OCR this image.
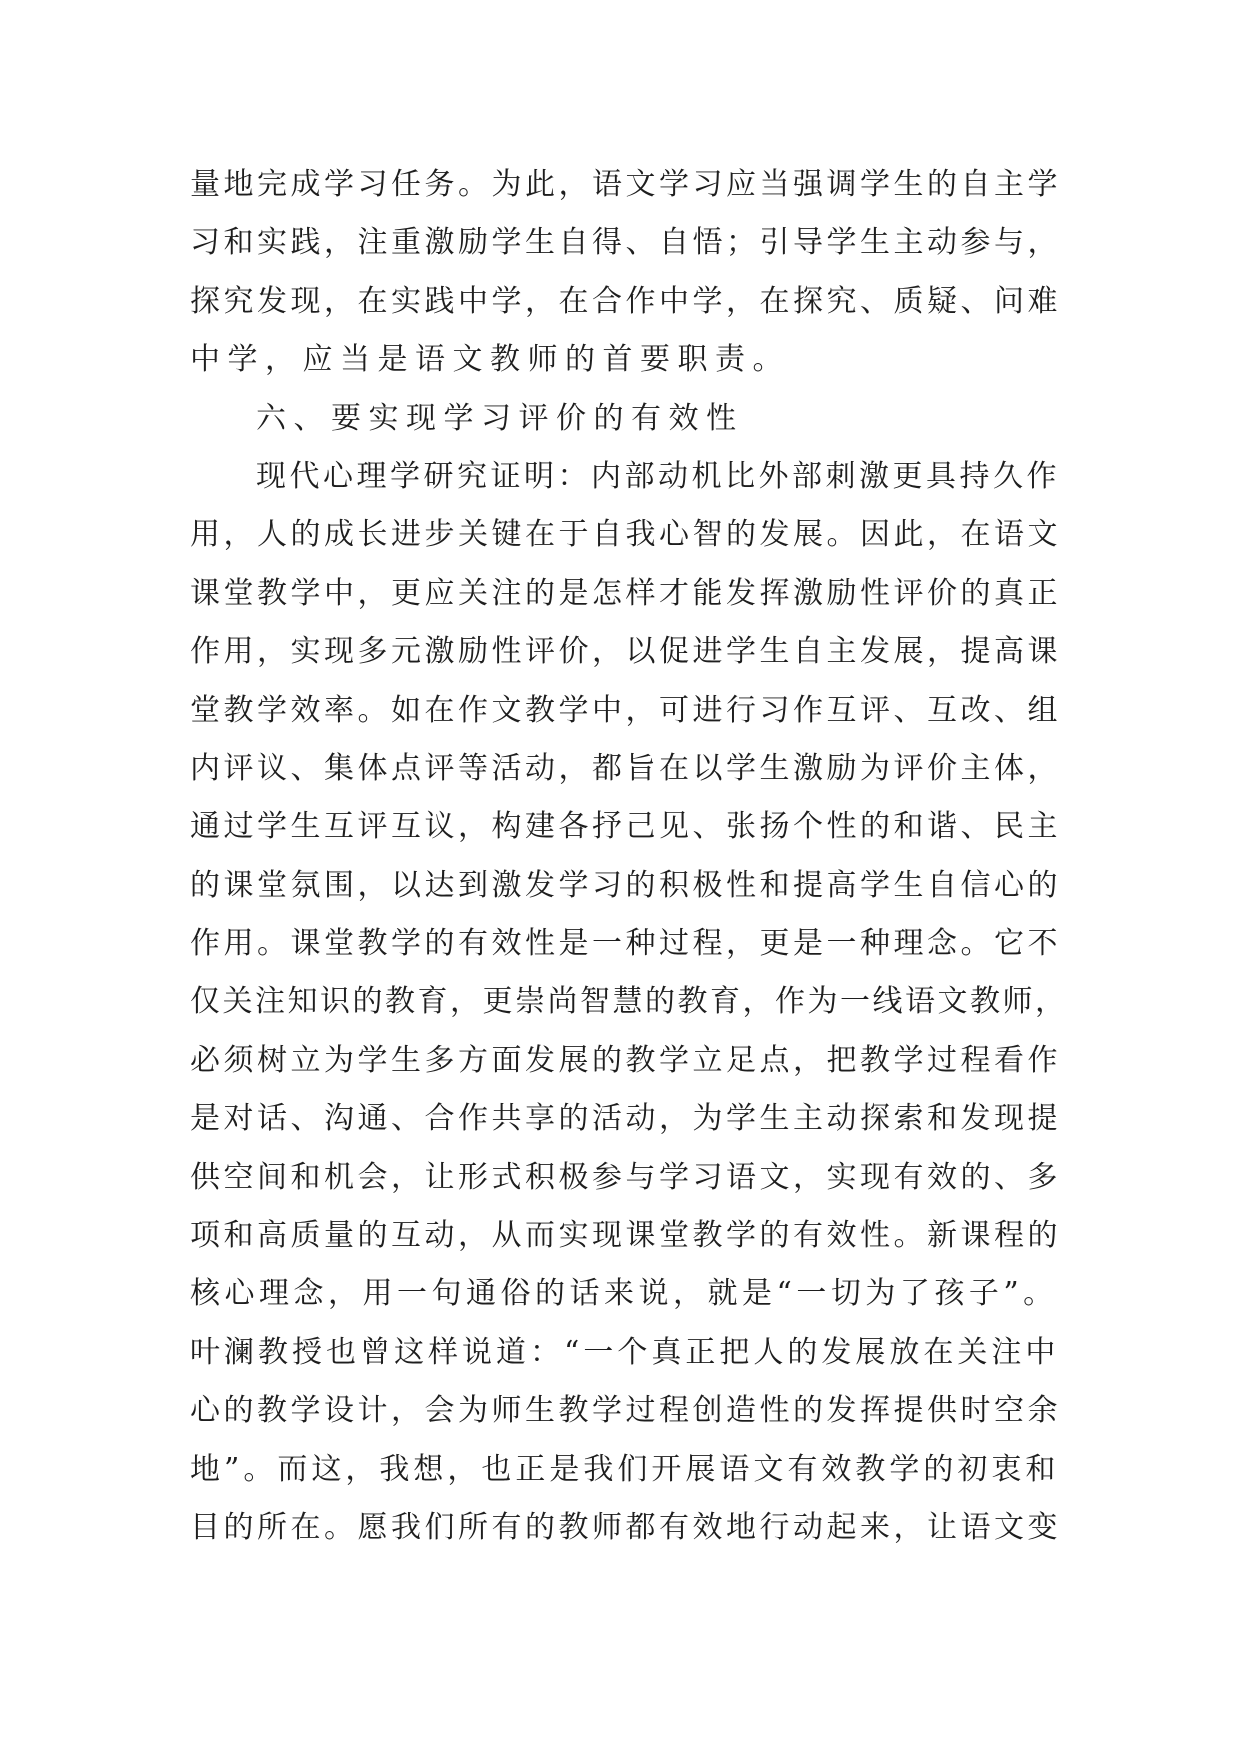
量地完成学习任务。为此，语文学习应当强调学生的自主学
习和实践，注重激励学生自得、自悟；引导学生主动参与，
探究发现，在实践中学，在合作中学，在探究、质疑、问难
中学，应当是语文教师的首要职责。
六、要实现学习评价的有效性
现代心理学研究证明：内部动机比外部刺激更具持久作
用，人的成长进步关键在于自我心智的发展。因此，在语文
课堂教学中，更应关注的是怎样才能发挥激励性评价的真正
作用，实现多元激励性评价，以促进学生自主发展，提高课
堂教学效率。如在作文教学中，可进行习作互评、互改、组
内评议、集体点评等活动，都旨在以学生激励为评价主体，
通过学生互评互议，构建各抒己见、张扬个性的和谐、民主
的课堂氛围，以达到激发学习的积极性和提高学生自信心的
作用。课堂教学的有效性是一种过程，更是一种理念。它不
仅关注知识的教育，更崇尚智慧的教育，作为一线语文教师，
必须树立为学生多方面发展的教学立足点，把教学过程看作
是对话、沟通、合作共享的活动，为学生主动探索和发现提
供空间和机会，让形式积极参与学习语文，实现有效的、多
项和高质量的互动，从而实现课堂教学的有效性。新课程的
核心理念，用一句通俗的话来说，就是“一切为了孩子”。
叶澜教授也曾这样说道：“一个真正把人的发展放在关注中
心的教学设计，会为师生教学过程创造性的发挥提供时空余
地”。而这，我想，也正是我们开展语文有效教学的初衷和
目的所在。愿我们所有的教师都有效地行动起来，让语文变
